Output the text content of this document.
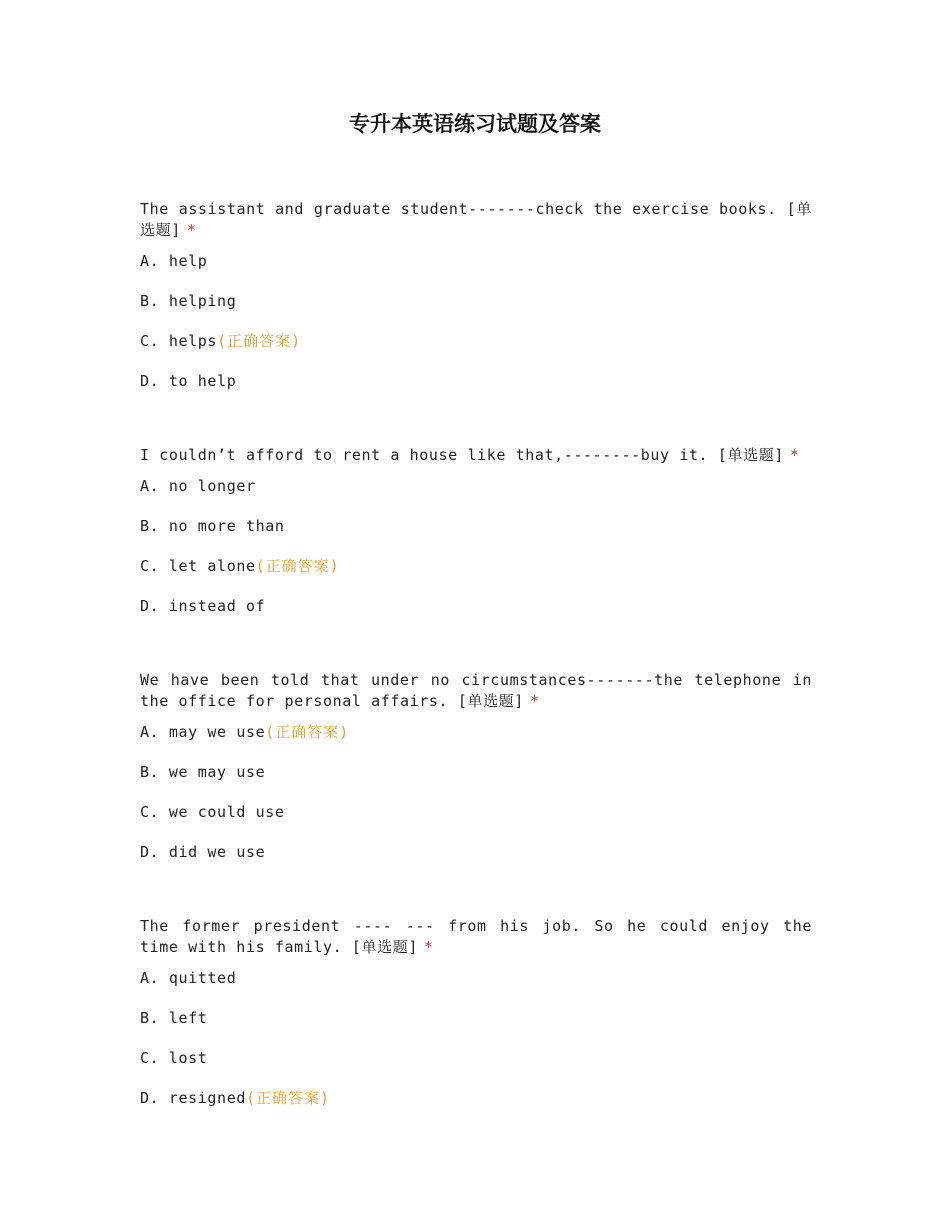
专升本英语练习试题及答案
The assistant and graduate student-------check the exercise books. [单选题] *
A. help
B. helping
C. helps(正确答案)
D. to help
I couldn’t afford to rent a house like that,--------buy it. [单选题] *
A. no longer
B. no more than
C. let alone(正确答案)
D. instead of
We have been told that under no circumstances-------the telephone in the office for personal affairs. [单选题] *
A. may we use(正确答案)
B. we may use
C. we could use
D. did we use
The former president ---- --- from his job. So he could enjoy the time with his family. [单选题] *
A. quitted
B. left
C. lost
D. resigned(正确答案)
